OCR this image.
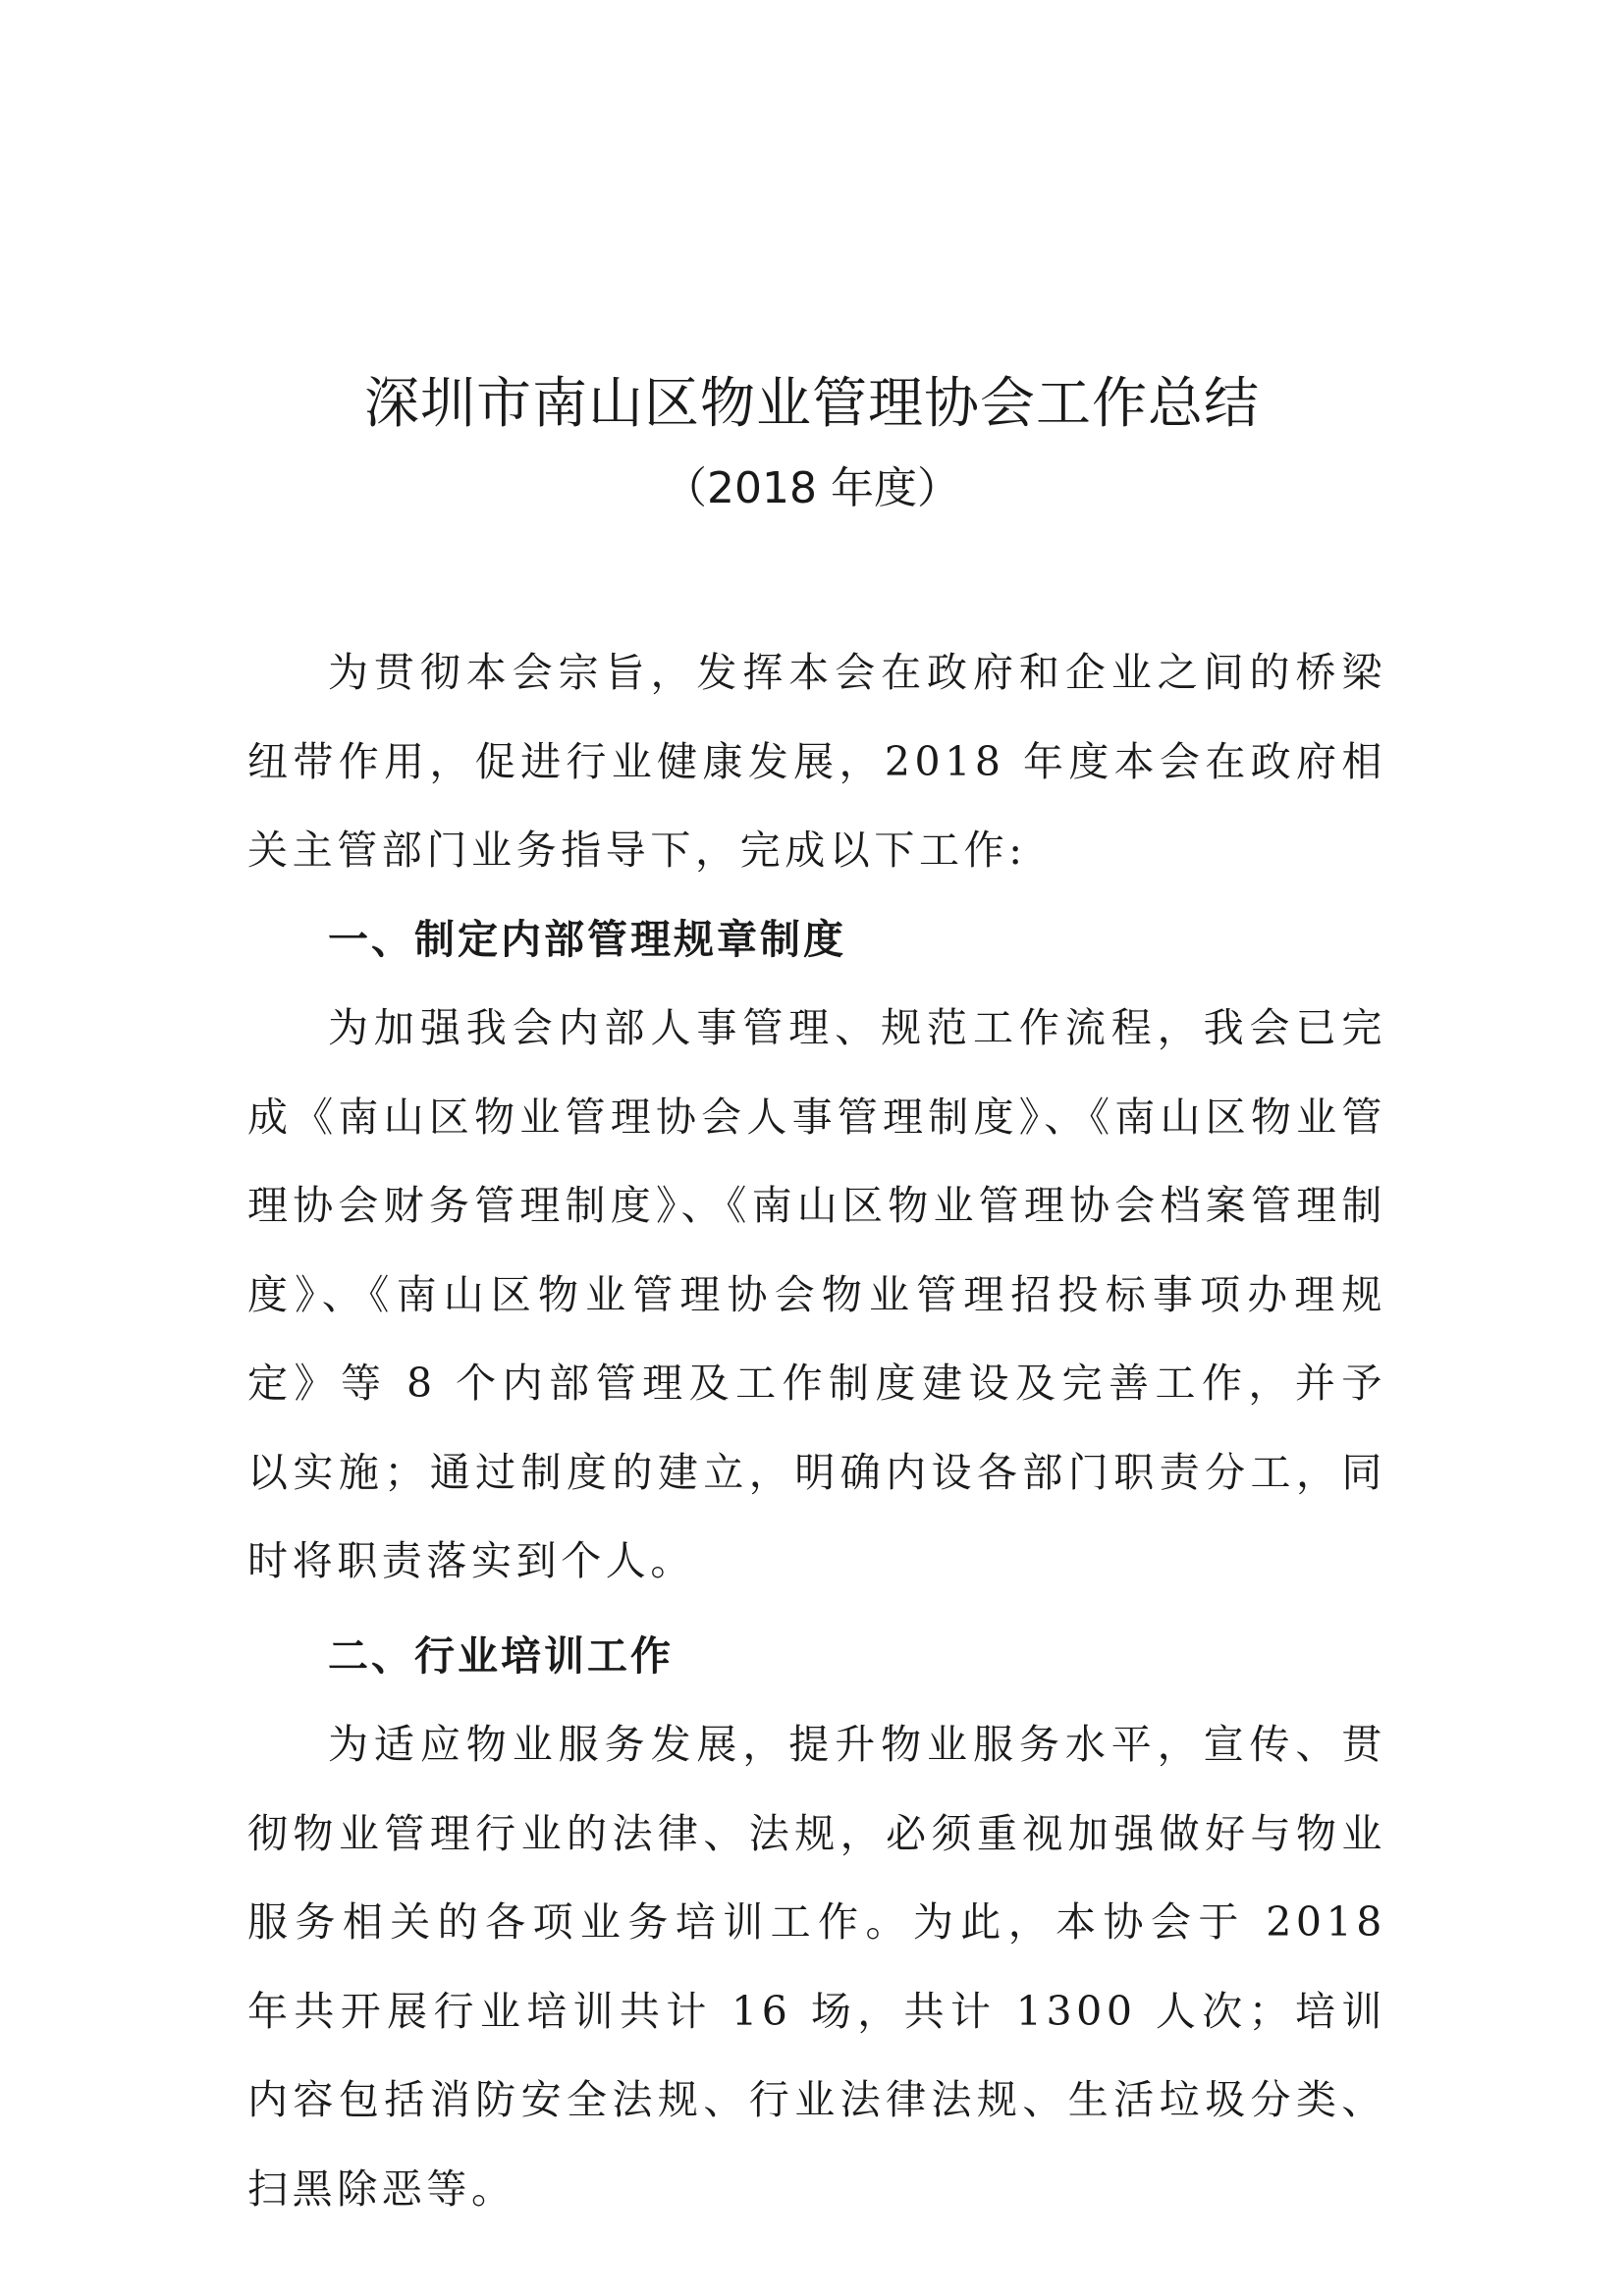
深圳市南山区物业管理协会工作总结
（2018 年度）

为贯彻本会宗旨，发挥本会在政府和企业之间的桥梁纽带作用，促进行业健康发展，2018 年度本会在政府相关主管部门业务指导下，完成以下工作:

一、制定内部管理规章制度

为加强我会内部人事管理、规范工作流程，我会已完成《南山区物业管理协会人事管理制度》、《南山区物业管理协会财务管理制度》、《南山区物业管理协会档案管理制度》、《南山区物业管理协会物业管理招投标事项办理规定》等 8 个内部管理及工作制度建设及完善工作，并予以实施；通过制度的建立，明确内设各部门职责分工，同时将职责落实到个人。

二、行业培训工作

为适应物业服务发展，提升物业服务水平，宣传、贯彻物业管理行业的法律、法规，必须重视加强做好与物业服务相关的各项业务培训工作。为此，本协会于 2018 年共开展行业培训共计 16 场，共计 1300 人次；培训内容包括消防安全法规、行业法律法规、生活垃圾分类、扫黑除恶等。
